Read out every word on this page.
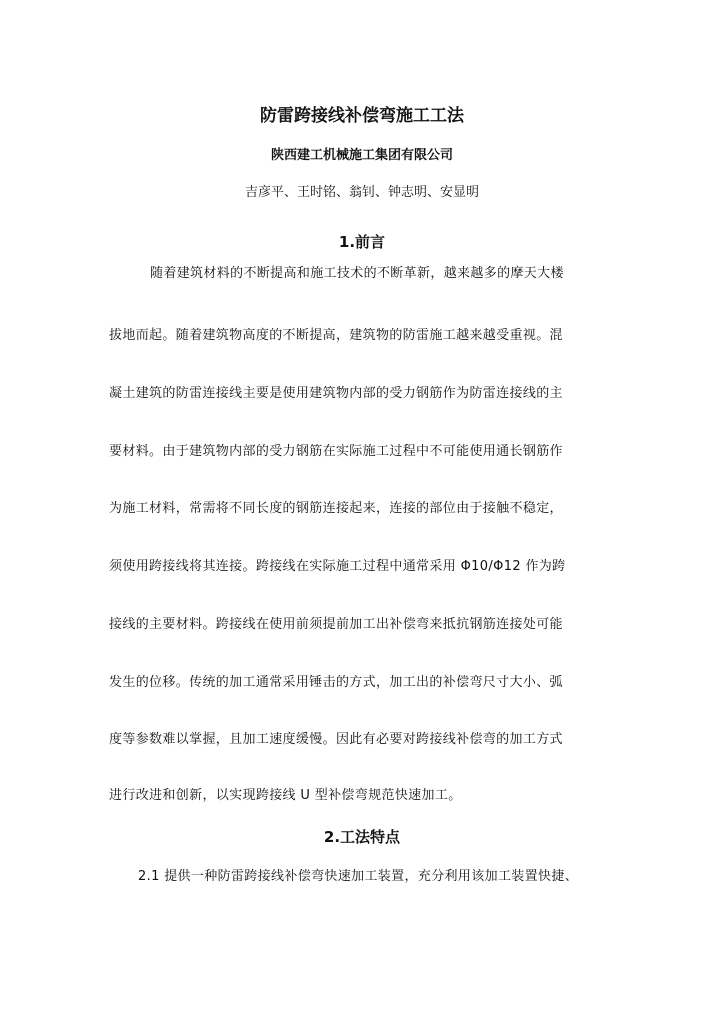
防雷跨接线补偿弯施工工法
陕西建工机械施工集团有限公司
吉彦平、王时铭、翁钊、钟志明、安显明
1.前言
随着建筑材料的不断提高和施工技术的不断革新，越来越多的摩天大楼
拔地而起。随着建筑物高度的不断提高，建筑物的防雷施工越来越受重视。混
凝土建筑的防雷连接线主要是使用建筑物内部的受力钢筋作为防雷连接线的主
要材料。由于建筑物内部的受力钢筋在实际施工过程中不可能使用通长钢筋作
为施工材料，常需将不同长度的钢筋连接起来，连接的部位由于接触不稳定，
须使用跨接线将其连接。跨接线在实际施工过程中通常采用 Φ10/Φ12 作为跨
接线的主要材料。跨接线在使用前须提前加工出补偿弯来抵抗钢筋连接处可能
发生的位移。传统的加工通常采用锤击的方式，加工出的补偿弯尺寸大小、弧
度等参数难以掌握，且加工速度缓慢。因此有必要对跨接线补偿弯的加工方式
进行改进和创新，以实现跨接线 U 型补偿弯规范快速加工。
2.工法特点
2.1 提供一种防雷跨接线补偿弯快速加工装置，充分利用该加工装置快捷、
